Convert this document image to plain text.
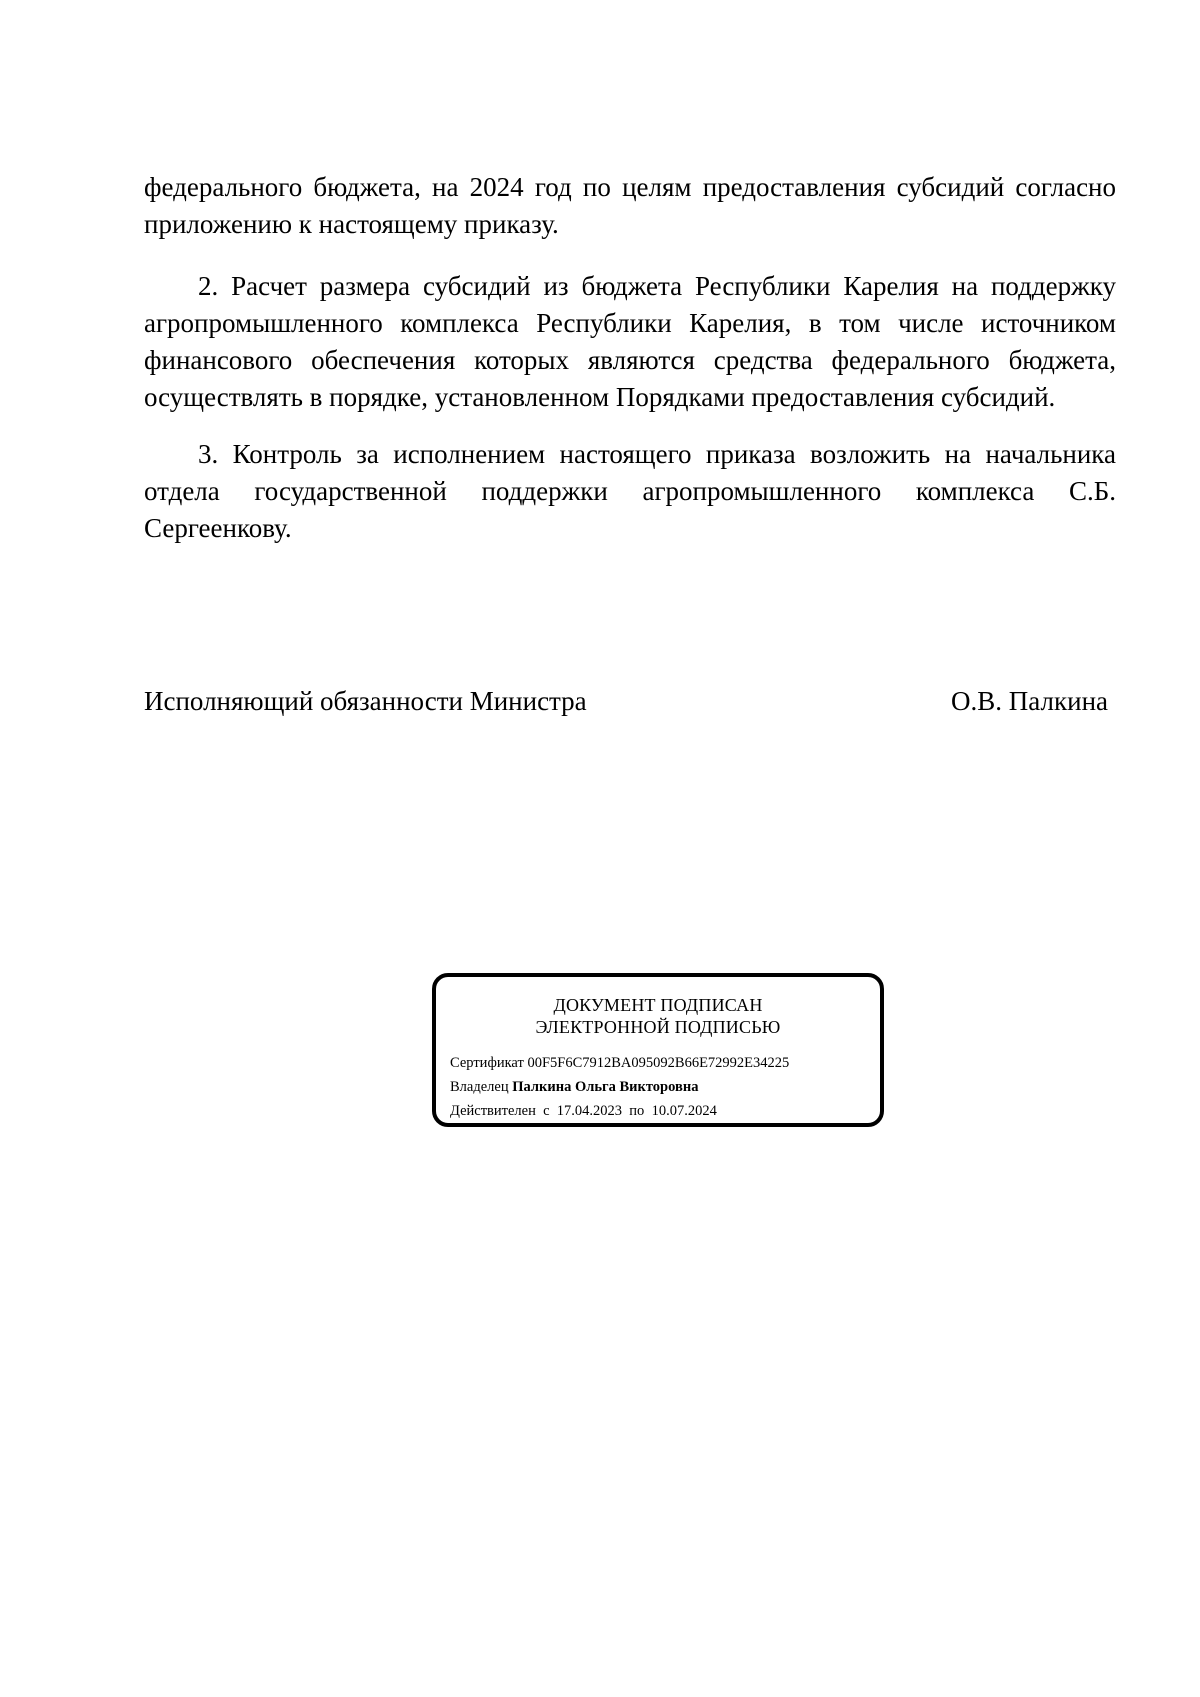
федерального бюджета, на 2024 год по целям предоставления субсидий согласно приложению к настоящему приказу.

2. Расчет размера субсидий из бюджета Республики Карелия на поддержку агропромышленного комплекса Республики Карелия, в том числе источником финансового обеспечения которых являются средства федерального бюджета, осуществлять в порядке, установленном Порядками предоставления субсидий.

3. Контроль за исполнением настоящего приказа возложить на начальника отдела государственной поддержки агропромышленного комплекса С.Б. Сергеенкову.

Исполняющий обязанности Министра	О.В. Палкина
ДОКУМЕНТ ПОДПИСАН
ЭЛЕКТРОННОЙ ПОДПИСЬЮ
Сертификат 00F5F6C7912BA095092B66E72992E34225
Владелец Палкина Ольга Викторовна
Действителен  с 17.04.2023 по 10.07.2024
